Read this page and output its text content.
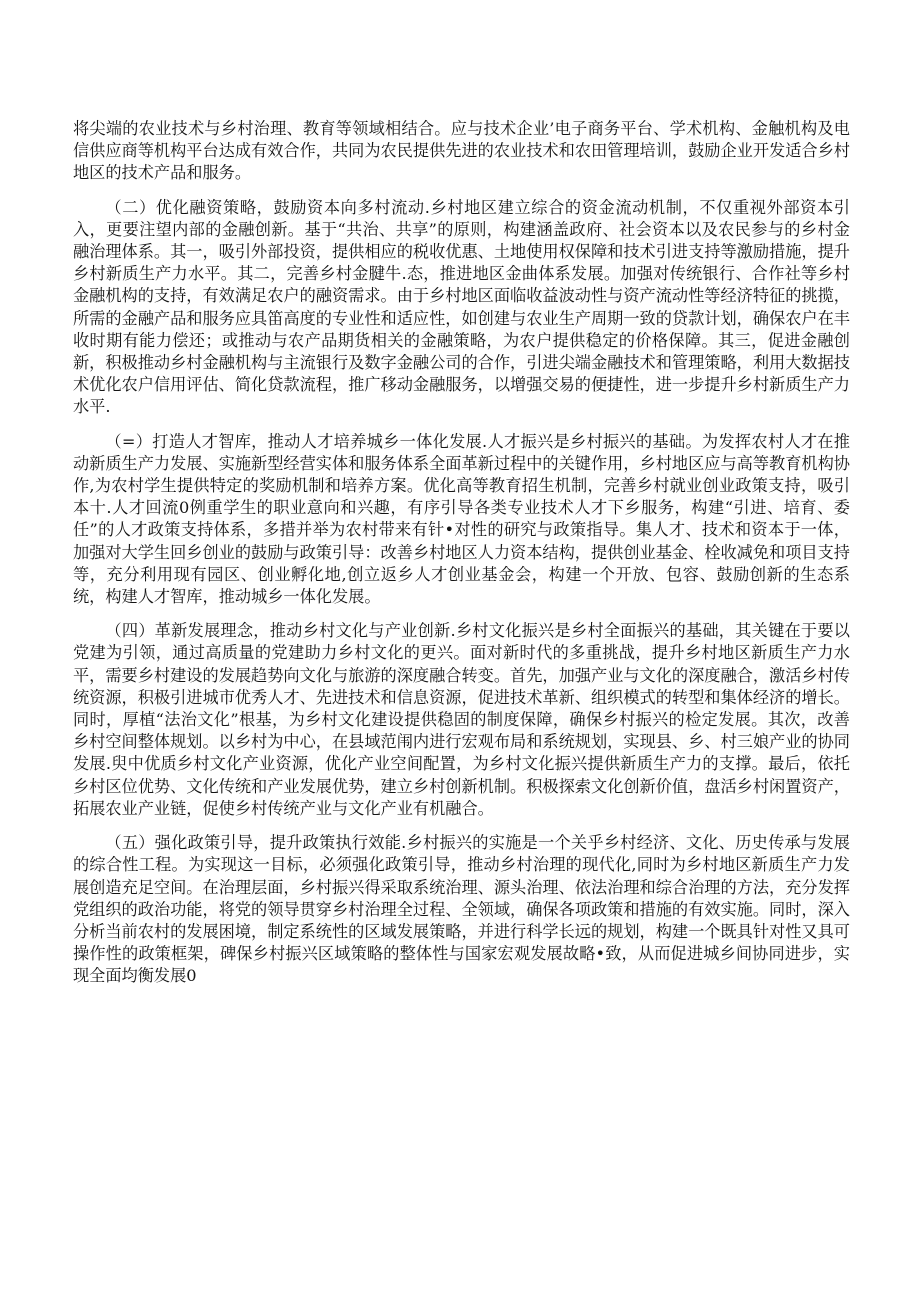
将尖端的农业技术与乡村治理、教育等领域相结合。应与技术企业’电子商务平台、学术机构、金触机构及电信供应商等机构平台达成有效合作，共同为农民提供先进的农业技术和农田管理培训，鼓励企业开发适合乡村地区的技术产品和服务。

（二）优化融资策略，鼓励资本向多村流动.乡村地区建立综合的资金流动机制，不仅重视外部资本引入，更要注望内部的金融创新。基于“共治、共享”的原则，构建涵盖政府、社会资本以及农民参与的乡村金融治理体系。其一，吸引外部投资，提供相应的税收优惠、土地使用权保障和技术引进支持等激励措施，提升乡村新质生产力水平。其二，完善乡村金腱牛.态，推进地区金曲体系发展。加强对传统银行、合作社等乡村金融机构的支持，有效满足农户的融资需求。由于乡村地区面临收益波动性与资产流动性等经济特征的挑揽，所需的金融产品和服务应具笛高度的专业性和适应性，如创建与农业生产周期一致的贷款计划，确保农户在丰收时期有能力偿还；或推动与农产品期货相关的金融策略，为农户提供稳定的价格保障。其三，促进金融创新，积极推动乡村金融机构与主流银行及数字金融公司的合作，引进尖端金融技术和管理策略，利用大数据技术优化农户信用评估、简化贷款流程，推广移动金融服务，以增强交易的便捷性，进一步提升乡村新质生产力水平.

（=）打造人才智库，推动人才培养城乡一体化发展.人才振兴是乡村振兴的基础。为发挥农村人才在推动新质生产力发展、实施新型经营实体和服务体系全面革新过程中的关键作用，乡村地区应与高等教育机构协作,为农村学生提供特定的奖励机制和培养方案。优化高等教育招生机制，完善乡村就业创业政策支持，吸引本十.人才回流0例重学生的职业意向和兴趣，有序引导各类专业技术人才下乡服务，构建“引进、培育、委任”的人才政策支持体系，多措并举为农村带来有针•对性的研究与政策指导。集人才、技术和资本于一体，加强对大学生回乡创业的鼓励与政策引导：改善乡村地区人力资本结构，提供创业基金、栓收减免和项目支持等，充分利用现有园区、创业孵化地,创立返乡人才创业基金会，构建一个开放、包容、鼓励创新的生态系统，构建人才智库，推动城乡一体化发展。

（四）革新发展理念，推动乡村文化与产业创新.乡村文化振兴是乡村全面振兴的基础，其关键在于要以党建为引领，通过高质量的党建助力乡村文化的更兴。面对新时代的多重挑战，提升乡村地区新质生产力水平，需要乡村建设的发展趋势向文化与旅游的深度融合转变。首先，加强产业与文化的深度融合，激活乡村传统资源，积极引进城市优秀人才、先进技术和信息资源，促进技术革新、组织模式的转型和集体经济的增长。同时，厚植“法治文化”根基，为乡村文化建设提供稳固的制度保障，确保乡村振兴的检定发展。其次，改善乡村空间整体规划。以乡村为中心，在县域范闱内进行宏观布局和系统规划，实现县、乡、村三娘产业的协同发展.臾中优质乡村文化产业资源，优化产业空间配置，为乡村文化振兴提供新质生产力的支撑。最后，依托乡村区位优势、文化传统和产业发展优势，建立乡村创新机制。积极探索文化创新价值，盘活乡村闲置资产，拓展农业产业链，促使乡村传统产业与文化产业有机融合。

（五）强化政策引导，提升政策执行效能.乡村振兴的实施是一个关乎乡村经济、文化、历史传承与发展的综合性工程。为实现这一目标，必须强化政策引导，推动乡村治理的现代化,同时为乡村地区新质生产力发展创造充足空间。在治理层面，乡村振兴得采取系统治理、源头治理、依法治理和综合治理的方法，充分发挥党组织的政治功能，将党的领导贯穿乡村治理全过程、全领域，确保各项政策和措施的有效实施。同时，深入分析当前农村的发展困境，制定系统性的区域发展策略，并进行科学长远的规划，构建一个既具针对性又具可操作性的政策框架，碑保乡村振兴区域策略的整体性与国家宏观发展故略•致，从而促进城乡间协同进步，实现全面均衡发展0
